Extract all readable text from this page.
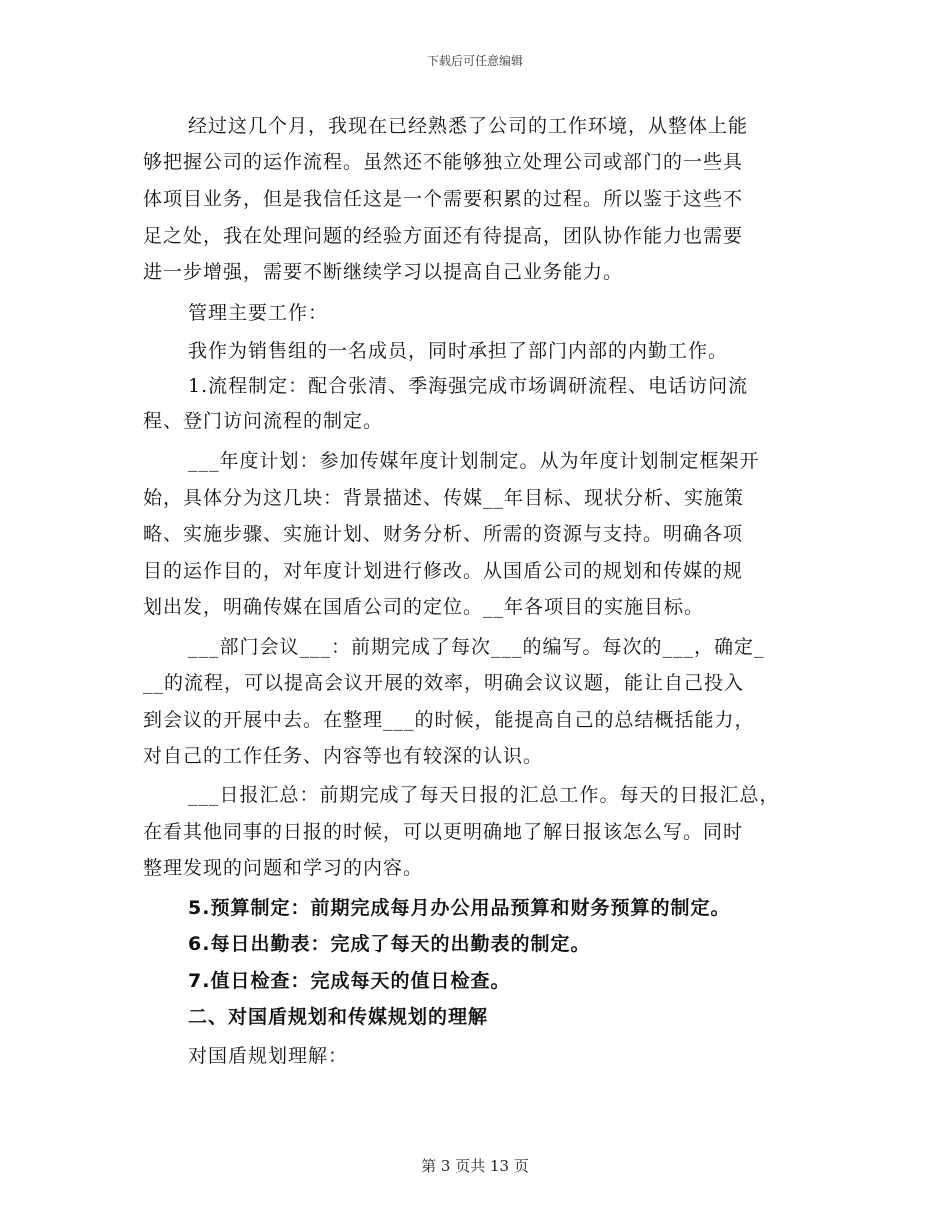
下载后可任意编辑
经过这几个月，我现在已经熟悉了公司的工作环境，从整体上能
够把握公司的运作流程。虽然还不能够独立处理公司或部门的一些具
体项目业务，但是我信任这是一个需要积累的过程。所以鉴于这些不
足之处，我在处理问题的经验方面还有待提高，团队协作能力也需要
进一步增强，需要不断继续学习以提高自己业务能力。
管理主要工作：
我作为销售组的一名成员，同时承担了部门内部的内勤工作。
1.流程制定：配合张清、季海强完成市场调研流程、电话访问流
程、登门访问流程的制定。
___年度计划：参加传媒年度计划制定。从为年度计划制定框架开
始，具体分为这几块：背景描述、传媒__年目标、现状分析、实施策
略、实施步骤、实施计划、财务分析、所需的资源与支持。明确各项
目的运作目的，对年度计划进行修改。从国盾公司的规划和传媒的规
划出发，明确传媒在国盾公司的定位。__年各项目的实施目标。
___部门会议___：前期完成了每次___的编写。每次的___，确定_
__的流程，可以提高会议开展的效率，明确会议议题，能让自己投入
到会议的开展中去。在整理___的时候，能提高自己的总结概括能力，
对自己的工作任务、内容等也有较深的认识。
___日报汇总：前期完成了每天日报的汇总工作。每天的日报汇总，
在看其他同事的日报的时候，可以更明确地了解日报该怎么写。同时
整理发现的问题和学习的内容。
5.预算制定：前期完成每月办公用品预算和财务预算的制定。
6.每日出勤表：完成了每天的出勤表的制定。
7.值日检查：完成每天的值日检查。
二、对国盾规划和传媒规划的理解
对国盾规划理解：
第 3 页共 13 页
